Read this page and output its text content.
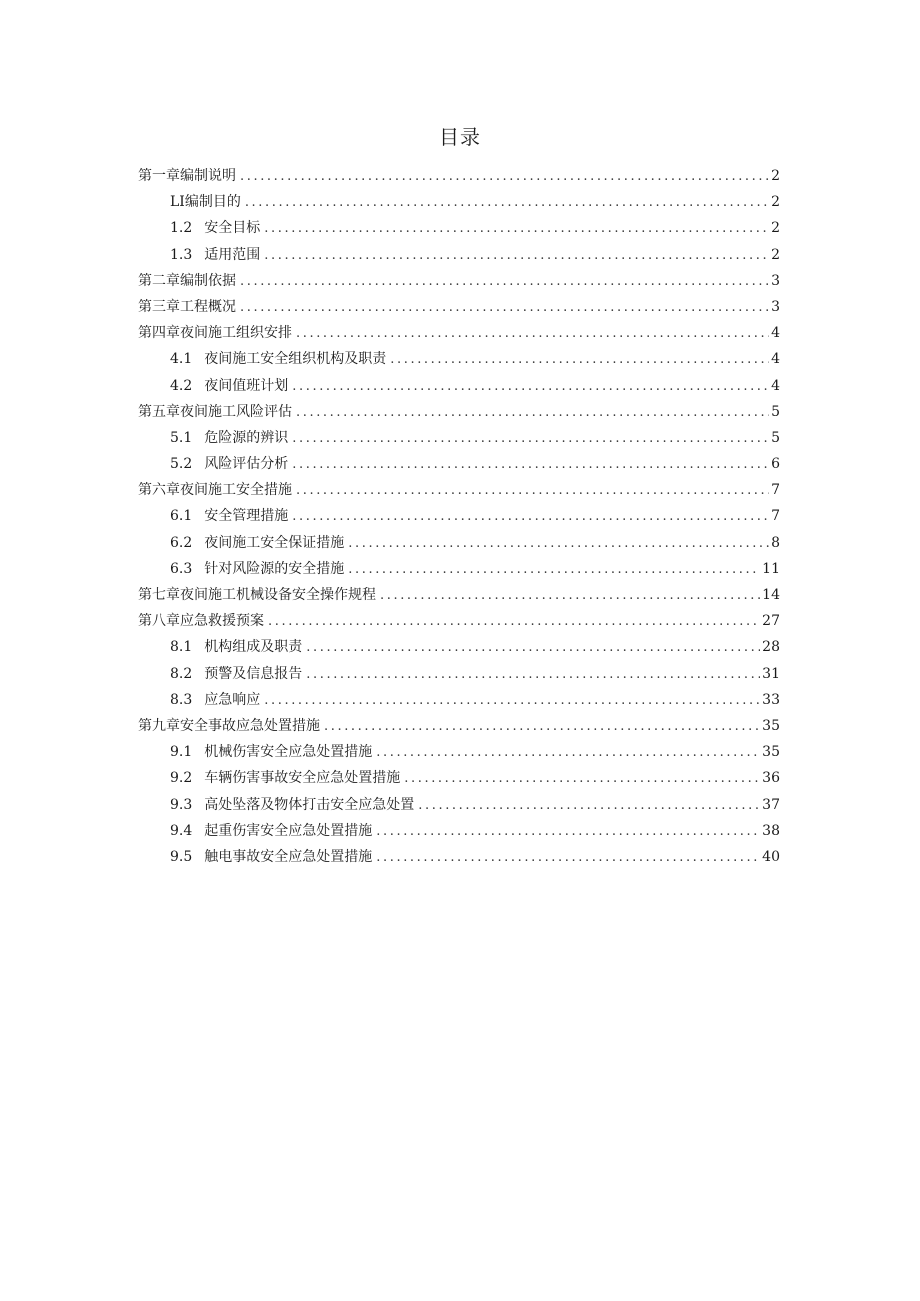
目录
第一章编制说明 .....	2
LI编制目的 .....	2
1.2 安全目标 .....	2
1.3 适用范围 .....	2
第二章编制依据 .....	3
第三章工程概况 .....	3
第四章夜间施工组织安排 .....	4
4.1 夜间施工安全组织机构及职责 .....	4
4.2 夜间值班计划 .....	4
第五章夜间施工风险评估 .....	5
5.1 危险源的辨识 .....	5
5.2 风险评估分析 .....	6
第六章夜间施工安全措施 .....	7
6.1 安全管理措施 .....	7
6.2 夜间施工安全保证措施 .....	8
6.3 针对风险源的安全措施 .....	11
第七章夜间施工机械设备安全操作规程 .....	14
第八章应急救援预案 .....	27
8.1 机构组成及职责 .....	28
8.2 预警及信息报告 .....	31
8.3 应急响应 .....	33
第九章安全事故应急处置措施 .....	35
9.1 机械伤害安全应急处置措施 .....	35
9.2 车辆伤害事故安全应急处置措施 .....	36
9.3 高处坠落及物体打击安全应急处置 .....	37
9.4 起重伤害安全应急处置措施 .....	38
9.5 触电事故安全应急处置措施 .....	40
